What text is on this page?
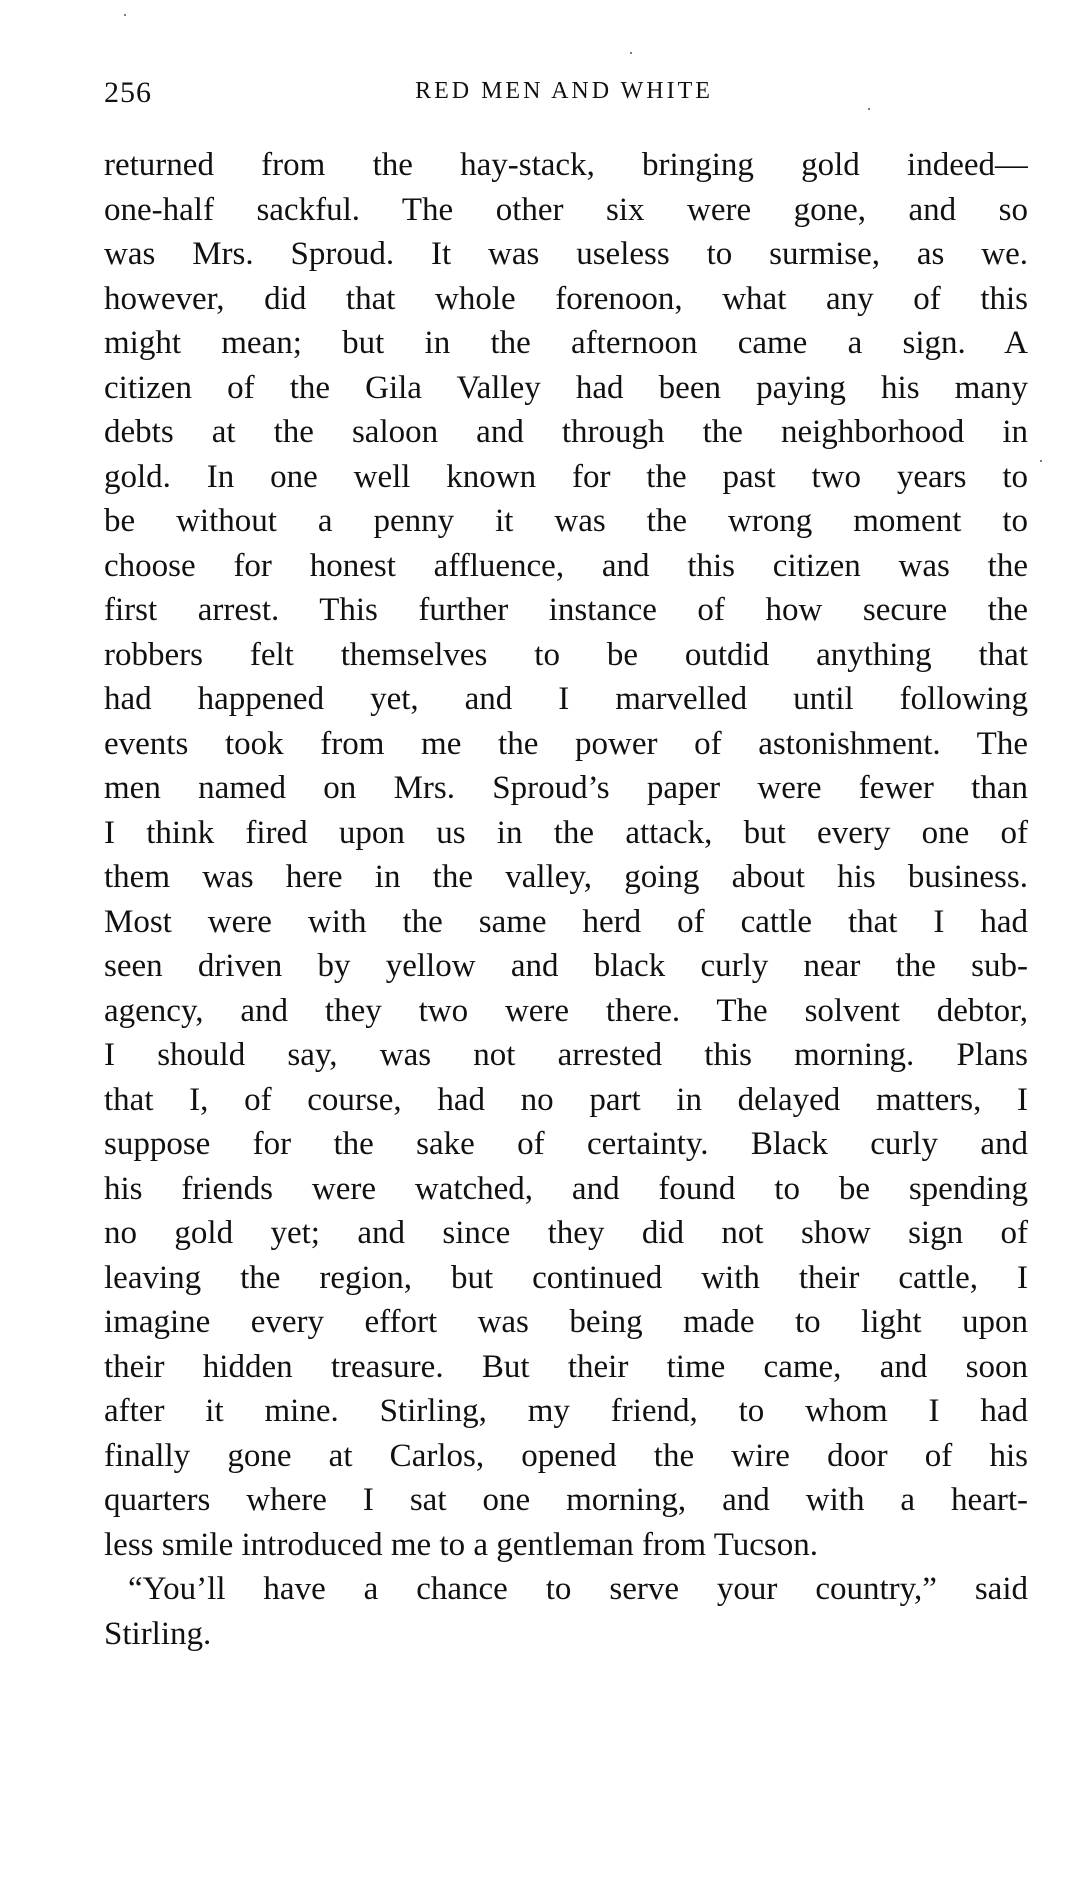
256	RED MEN AND WHITE
returned from the hay-stack, bringing gold indeed—
one-half sackful. The other six were gone, and so
was Mrs. Sproud. It was useless to surmise, as we.
however, did that whole forenoon, what any of this
might mean; but in the afternoon came a sign. A
citizen of the Gila Valley had been paying his many
debts at the saloon and through the neighborhood in
gold. In one well known for the past two years to
be without a penny it was the wrong moment to
choose for honest affluence, and this citizen was the
first arrest. This further instance of how secure the
robbers felt themselves to be outdid anything that
had happened yet, and I marvelled until following
events took from me the power of astonishment. The
men named on Mrs. Sproud’s paper were fewer than
I think fired upon us in the attack, but every one of
them was here in the valley, going about his business.
Most were with the same herd of cattle that I had
seen driven by yellow and black curly near the sub-
agency, and they two were there. The solvent debtor,
I should say, was not arrested this morning. Plans
that I, of course, had no part in delayed matters, I
suppose for the sake of certainty. Black curly and
his friends were watched, and found to be spending
no gold yet; and since they did not show sign of
leaving the region, but continued with their cattle, I
imagine every effort was being made to light upon
their hidden treasure. But their time came, and soon
after it mine. Stirling, my friend, to whom I had
finally gone at Carlos, opened the wire door of his
quarters where I sat one morning, and with a heart-
less smile introduced me to a gentleman from Tucson.
“You’ll have a chance to serve your country,” said
Stirling.
